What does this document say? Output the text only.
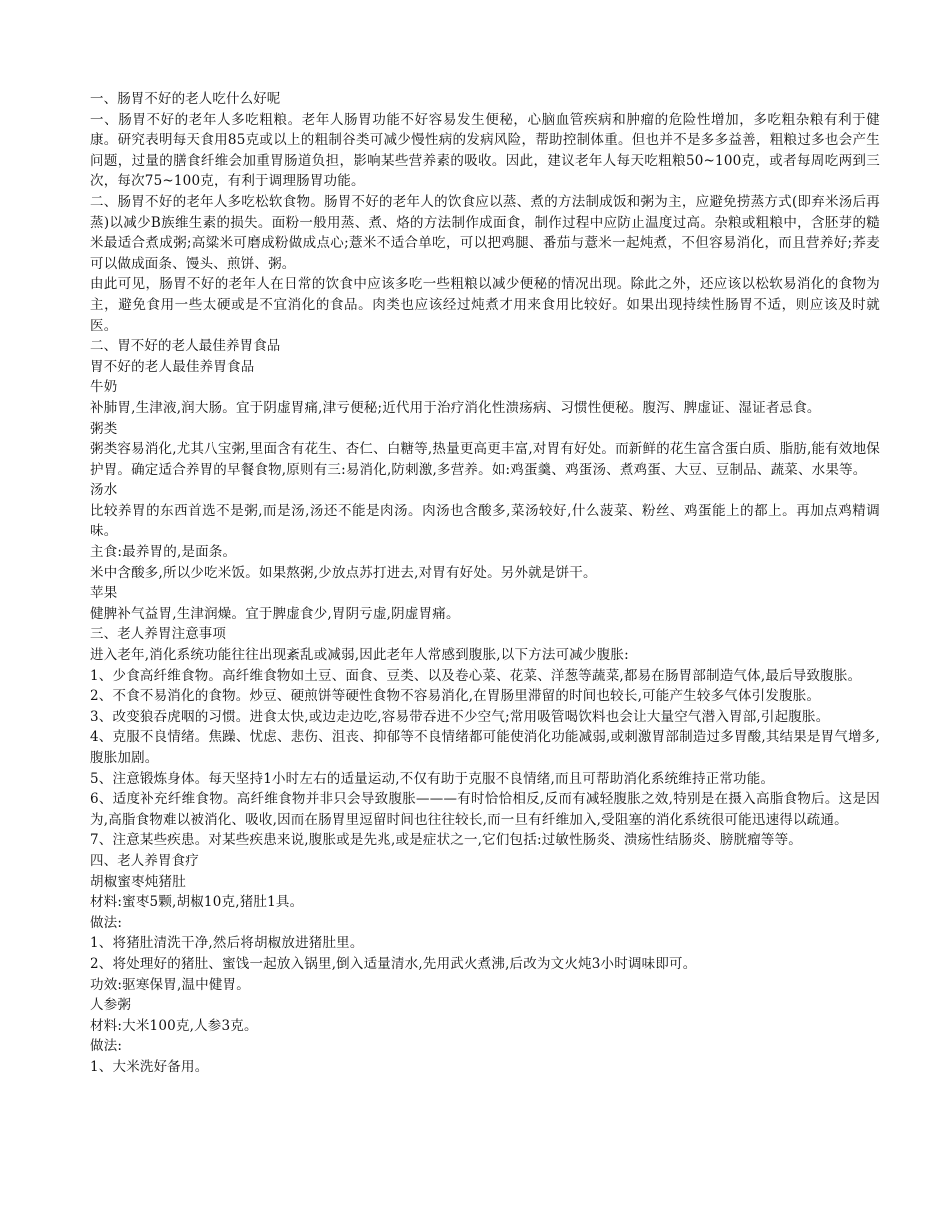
一、肠胃不好的老人吃什么好呢

一、肠胃不好的老年人多吃粗粮。老年人肠胃功能不好容易发生便秘，心脑血管疾病和肿瘤的危险性增加，多吃粗杂粮有利于健康。研究表明每天食用85克或以上的粗制谷类可减少慢性病的发病风险，帮助控制体重。但也并不是多多益善，粗粮过多也会产生问题，过量的膳食纤维会加重胃肠道负担，影响某些营养素的吸收。因此，建议老年人每天吃粗粮50~100克，或者每周吃两到三次，每次75~100克，有利于调理肠胃功能。

二、肠胃不好的老年人多吃松软食物。肠胃不好的老年人的饮食应以蒸、煮的方法制成饭和粥为主，应避免捞蒸方式(即弃米汤后再蒸)以减少B族维生素的损失。面粉一般用蒸、煮、烙的方法制作成面食，制作过程中应防止温度过高。杂粮或粗粮中，含胚芽的糙米最适合煮成粥;高粱米可磨成粉做成点心;薏米不适合单吃，可以把鸡腿、番茄与薏米一起炖煮，不但容易消化，而且营养好;荞麦可以做成面条、馒头、煎饼、粥。

由此可见，肠胃不好的老年人在日常的饮食中应该多吃一些粗粮以减少便秘的情况出现。除此之外，还应该以松软易消化的食物为主，避免食用一些太硬或是不宜消化的食品。肉类也应该经过炖煮才用来食用比较好。如果出现持续性肠胃不适，则应该及时就医。

二、胃不好的老人最佳养胃食品

胃不好的老人最佳养胃食品

牛奶

补肺胃,生津液,润大肠。宜于阴虚胃痛,津亏便秘;近代用于治疗消化性溃疡病、习惯性便秘。腹泻、脾虚证、湿证者忌食。

粥类

粥类容易消化,尤其八宝粥,里面含有花生、杏仁、白糖等,热量更高更丰富,对胃有好处。而新鲜的花生富含蛋白质、脂肪,能有效地保护胃。确定适合养胃的早餐食物,原则有三:易消化,防刺激,多营养。如:鸡蛋羹、鸡蛋汤、煮鸡蛋、大豆、豆制品、蔬菜、水果等。

汤水

比较养胃的东西首选不是粥,而是汤,汤还不能是肉汤。肉汤也含酸多,菜汤较好,什么菠菜、粉丝、鸡蛋能上的都上。再加点鸡精调味。

主食:最养胃的,是面条。

米中含酸多,所以少吃米饭。如果熬粥,少放点苏打进去,对胃有好处。另外就是饼干。

苹果

健脾补气益胃,生津润燥。宜于脾虚食少,胃阴亏虚,阴虚胃痛。

三、老人养胃注意事项

进入老年,消化系统功能往往出现紊乱或减弱,因此老年人常感到腹胀,以下方法可减少腹胀:

1、少食高纤维食物。高纤维食物如土豆、面食、豆类、以及卷心菜、花菜、洋葱等蔬菜,都易在肠胃部制造气体,最后导致腹胀。

2、不食不易消化的食物。炒豆、硬煎饼等硬性食物不容易消化,在胃肠里滞留的时间也较长,可能产生较多气体引发腹胀。

3、改变狼吞虎咽的习惯。进食太快,或边走边吃,容易带吞进不少空气;常用吸管喝饮料也会让大量空气潜入胃部,引起腹胀。

4、克服不良情绪。焦躁、忧虑、悲伤、沮丧、抑郁等不良情绪都可能使消化功能减弱,或刺激胃部制造过多胃酸,其结果是胃气增多,腹胀加剧。

5、注意锻炼身体。每天坚持1小时左右的适量运动,不仅有助于克服不良情绪,而且可帮助消化系统维持正常功能。

6、适度补充纤维食物。高纤维食物并非只会导致腹胀———有时恰恰相反,反而有减轻腹胀之效,特别是在摄入高脂食物后。这是因为,高脂食物难以被消化、吸收,因而在肠胃里逗留时间也往往较长,而一旦有纤维加入,受阻塞的消化系统很可能迅速得以疏通。

7、注意某些疾患。对某些疾患来说,腹胀或是先兆,或是症状之一,它们包括:过敏性肠炎、溃疡性结肠炎、膀胱瘤等等。

四、老人养胃食疗

胡椒蜜枣炖猪肚

材料:蜜枣5颗,胡椒10克,猪肚1具。

做法:

1、将猪肚清洗干净,然后将胡椒放进猪肚里。

2、将处理好的猪肚、蜜饯一起放入锅里,倒入适量清水,先用武火煮沸,后改为文火炖3小时调味即可。

功效:驱寒保胃,温中健胃。

人参粥

材料:大米100克,人参3克。

做法:

1、大米洗好备用。
